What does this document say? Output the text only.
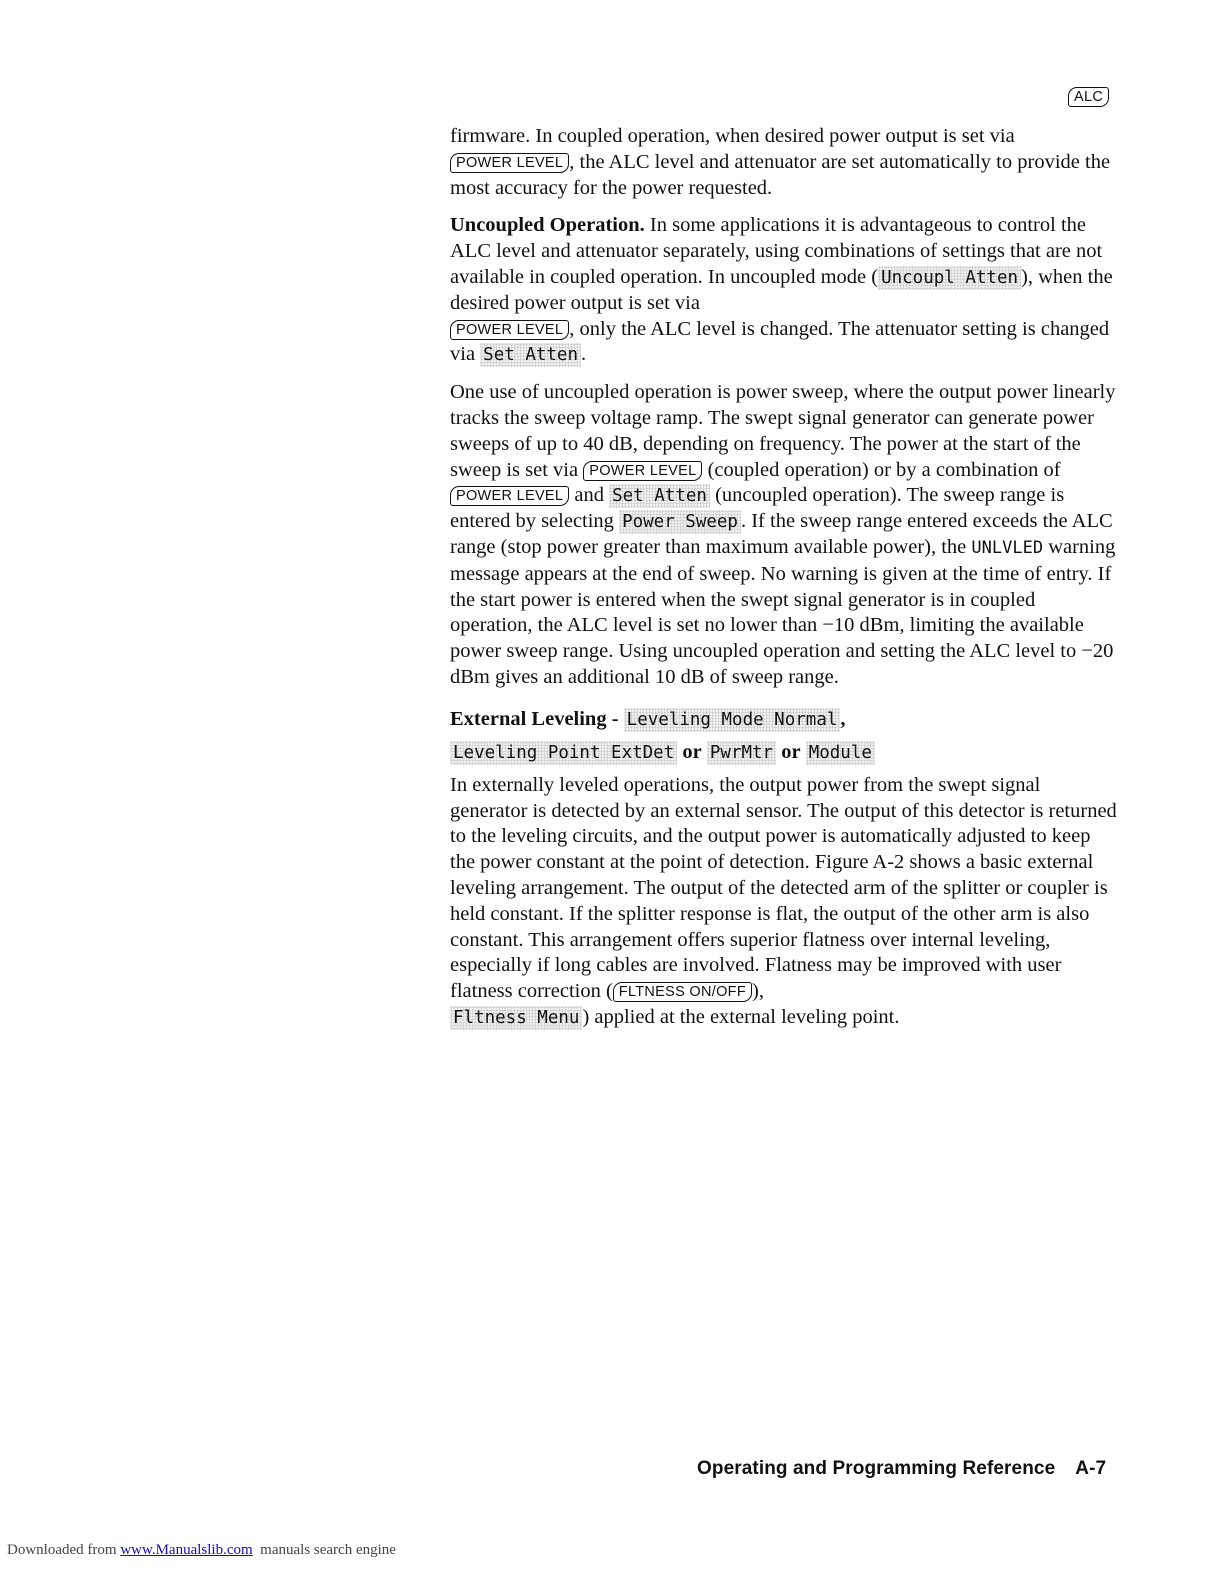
ALC

firmware. In coupled operation, when desired power output is set via
POWER LEVEL , the ALC level and attenuator are set automatically to provide the most accuracy for the power requested.

Uncoupled Operation. In some applications it is advantageous to control the ALC level and attenuator separately, using combinations of settings that are not available in coupled operation. In uncoupled mode ( Uncoupl Atten ), when the desired power output is set via
POWER LEVEL , only the ALC level is changed. The attenuator setting is changed via Set Atten .

One use of uncoupled operation is power sweep, where the output power linearly tracks the sweep voltage ramp. The swept signal generator can generate power sweeps of up to 40 dB, depending on frequency. The power at the start of the sweep is set via POWER LEVEL (coupled operation) or by a combination of
POWER LEVEL and Set Atten (uncoupled operation). The sweep range is entered by selecting Power Sweep . If the sweep range entered exceeds the ALC range (stop power greater than maximum available power), the UNLVLED warning message appears at the end of sweep. No warning is given at the time of entry. If the start power is entered when the swept signal generator is in coupled operation, the ALC level is set no lower than −10 dBm, limiting the available power sweep range. Using uncoupled operation and setting the ALC level to −20 dBm gives an additional 10 dB of sweep range.

External Leveling - Leveling Mode Normal ,
Leveling Point ExtDet or PwrMtr or Module

In externally leveled operations, the output power from the swept signal generator is detected by an external sensor. The output of this detector is returned to the leveling circuits, and the output power is automatically adjusted to keep the power constant at the point of detection. Figure A-2 shows a basic external leveling arrangement. The output of the detected arm of the splitter or coupler is held constant. If the splitter response is flat, the output of the other arm is also constant. This arrangement offers superior flatness over internal leveling, especially if long cables are involved. Flatness may be improved with user flatness correction ( FLTNESS ON/OFF ),
Fltness Menu ) applied at the external leveling point.

Operating and Programming Reference A-7
Downloaded from www.Manualslib.com  manuals search engine
